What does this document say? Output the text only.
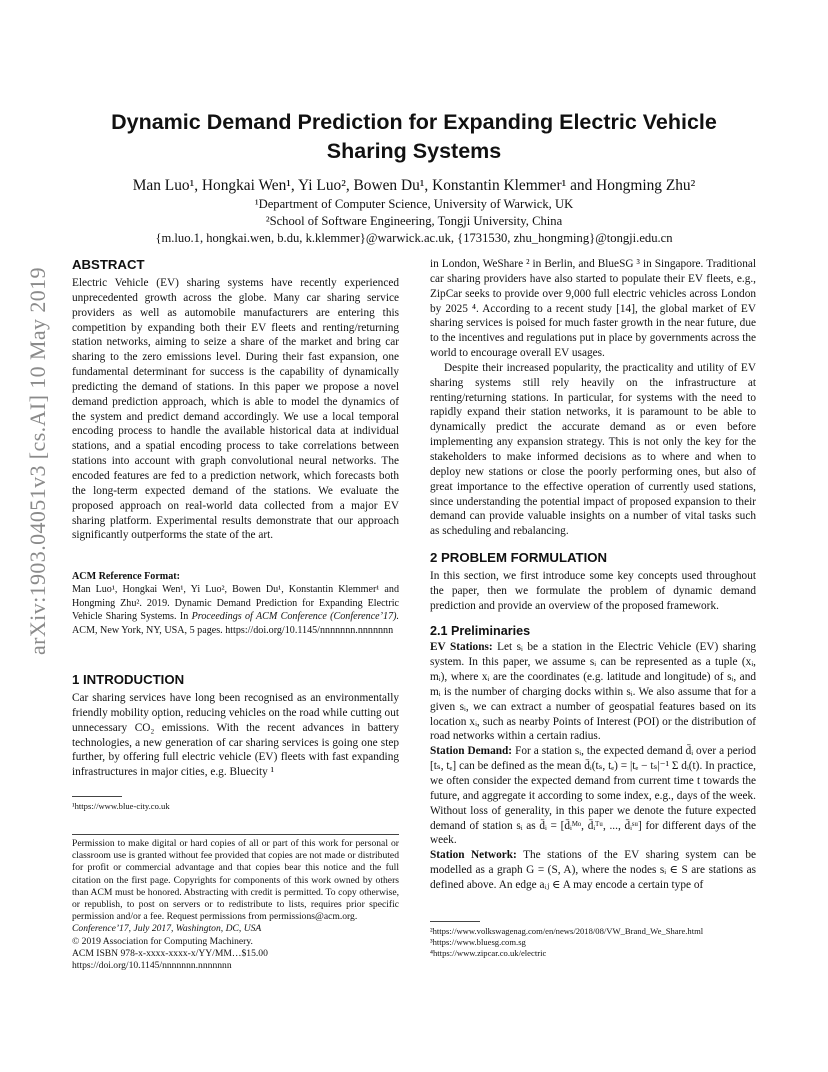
arXiv:1903.04051v3 [cs.AI] 10 May 2019
Dynamic Demand Prediction for Expanding Electric Vehicle Sharing Systems
Man Luo¹, Hongkai Wen¹, Yi Luo², Bowen Du¹, Konstantin Klemmer¹ and Hongming Zhu²
¹Department of Computer Science, University of Warwick, UK
²School of Software Engineering, Tongji University, China
{m.luo.1, hongkai.wen, b.du, k.klemmer}@warwick.ac.uk, {1731530, zhu_hongming}@tongji.edu.cn
ABSTRACT

Electric Vehicle (EV) sharing systems have recently experienced unprecedented growth across the globe. Many car sharing service providers as well as automobile manufacturers are entering this competition by expanding both their EV fleets and renting/returning station networks, aiming to seize a share of the market and bring car sharing to the zero emissions level. During their fast expansion, one fundamental determinant for success is the capability of dynamically predicting the demand of stations. In this paper we propose a novel demand prediction approach, which is able to model the dynamics of the system and predict demand accordingly. We use a local temporal encoding process to handle the available historical data at individual stations, and a spatial encoding process to take correlations between stations into account with graph convolutional neural networks. The encoded features are fed to a prediction network, which forecasts both the long-term expected demand of the stations. We evaluate the proposed approach on real-world data collected from a major EV sharing platform. Experimental results demonstrate that our approach significantly outperforms the state of the art.

ACM Reference Format:

Man Luo¹, Hongkai Wen¹, Yi Luo², Bowen Du¹, Konstantin Klemmer¹ and Hongming Zhu². 2019. Dynamic Demand Prediction for Expanding Electric Vehicle Sharing Systems. In Proceedings of ACM Conference (Conference’17). ACM, New York, NY, USA, 5 pages. https://doi.org/10.1145/nnnnnnn.nnnnnnn

1 INTRODUCTION

Car sharing services have long been recognised as an environmentally friendly mobility option, reducing vehicles on the road while cutting out unnecessary CO₂ emissions. With the recent advances in battery technologies, a new generation of car sharing services is going one step further, by offering full electric vehicle (EV) fleets with fast expanding infrastructures in major cities, e.g. Bluecity ¹

¹https://www.blue-city.co.uk

Permission to make digital or hard copies of all or part of this work for personal or classroom use is granted without fee provided that copies are not made or distributed for profit or commercial advantage and that copies bear this notice and the full citation on the first page. Copyrights for components of this work owned by others than ACM must be honored. Abstracting with credit is permitted. To copy otherwise, or republish, to post on servers or to redistribute to lists, requires prior specific permission and/or a fee. Request permissions from permissions@acm.org.

Conference’17, July 2017, Washington, DC, USA

© 2019 Association for Computing Machinery.

ACM ISBN 978-x-xxxx-xxxx-x/YY/MM…$15.00

https://doi.org/10.1145/nnnnnnn.nnnnnnn

in London, WeShare ² in Berlin, and BlueSG ³ in Singapore. Traditional car sharing providers have also started to populate their EV fleets, e.g., ZipCar seeks to provide over 9,000 full electric vehicles across London by 2025 ⁴. According to a recent study [14], the global market of EV sharing services is poised for much faster growth in the near future, due to the incentives and regulations put in place by governments across the world to encourage overall EV usages.

Despite their increased popularity, the practicality and utility of EV sharing systems still rely heavily on the infrastructure at renting/returning stations. In particular, for systems with the need to rapidly expand their station networks, it is paramount to be able to dynamically predict the accurate demand as or even before implementing any expansion strategy. This is not only the key for the stakeholders to make informed decisions as to where and when to deploy new stations or close the poorly performing ones, but also of great importance to the effective operation of currently used stations, since understanding the potential impact of proposed expansion to their demand can provide valuable insights on a number of vital tasks such as scheduling and rebalancing.

2 PROBLEM FORMULATION

In this section, we first introduce some key concepts used throughout the paper, then we formulate the problem of dynamic demand prediction and provide an overview of the proposed framework.

2.1 Preliminaries

EV Stations: Let sᵢ be a station in the Electric Vehicle (EV) sharing system. In this paper, we assume sᵢ can be represented as a tuple (xᵢ, mᵢ), where xᵢ are the coordinates (e.g. latitude and longitude) of sᵢ, and mᵢ is the number of charging docks within sᵢ. We also assume that for a given sᵢ, we can extract a number of geospatial features based on its location xᵢ, such as nearby Points of Interest (POI) or the distribution of road networks within a certain radius.

Station Demand: For a station sᵢ, the expected demand d̄ᵢ over a period [tₛ, tₑ] can be defined as the mean d̄ᵢ(tₛ, tₑ) = |tₑ − tₛ|⁻¹ Σ dᵢ(t). In practice, we often consider the expected demand from current time t towards the future, and aggregate it according to some index, e.g., days of the week. Without loss of generality, in this paper we denote the future expected demand of station sᵢ as d̄ᵢ = [d̄ᵢᴹᵒ, d̄ᵢᵀᵘ, ..., d̄ᵢˢᵘ] for different days of the week.

Station Network: The stations of the EV sharing system can be modelled as a graph G = (S, A), where the nodes sᵢ ∈ S are stations as defined above. An edge aᵢⱼ ∈ A may encode a certain type of

²https://www.volkswagenag.com/en/news/2018/08/VW_Brand_We_Share.html
³https://www.bluesg.com.sg
⁴https://www.zipcar.co.uk/electric
